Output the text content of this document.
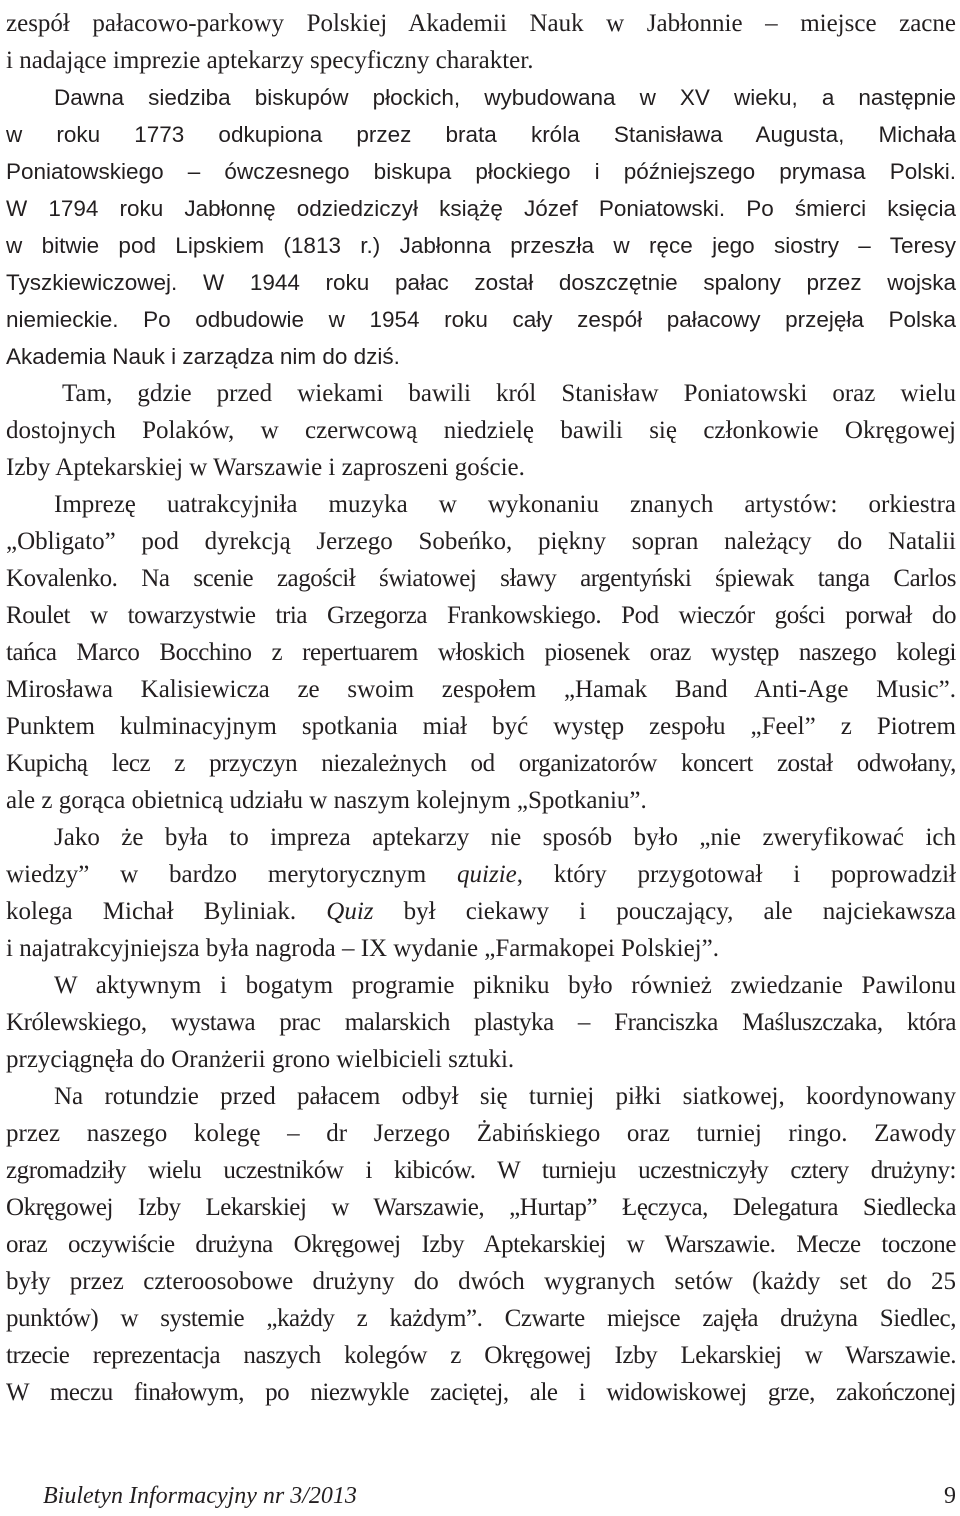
zespół pałacowo-parkowy Polskiej Akademii Nauk w Jabłonnie – miejsce zacne
i nadające imprezie aptekarzy specyficzny charakter.
Dawna siedziba biskupów płockich, wybudowana w XV wieku, a następnie
w roku 1773 odkupiona przez brata króla Stanisława Augusta, Michała
Poniatowskiego – ówczesnego biskupa płockiego i późniejszego prymasa Polski.
W 1794 roku Jabłonnę odziedziczył książę Józef Poniatowski. Po śmierci księcia
w bitwie pod Lipskiem (1813 r.) Jabłonna przeszła w ręce jego siostry – Teresy
Tyszkiewiczowej. W 1944 roku pałac został doszczętnie spalony przez wojska
niemieckie. Po odbudowie w 1954 roku cały zespół pałacowy przejęła Polska
Akademia Nauk i zarządza nim do dziś.
Tam, gdzie przed wiekami bawili król Stanisław Poniatowski oraz wielu
dostojnych Polaków, w czerwcową niedzielę bawili się członkowie Okręgowej
Izby Aptekarskiej w Warszawie i zaproszeni goście.
Imprezę uatrakcyjniła muzyka w wykonaniu znanych artystów: orkiestra
„Obligato” pod dyrekcją Jerzego Sobeńko, piękny sopran należący do Natalii
Kovalenko. Na scenie zagościł światowej sławy argentyński śpiewak tanga Carlos
Roulet w towarzystwie tria Grzegorza Frankowskiego. Pod wieczór gości porwał do
tańca Marco Bocchino z repertuarem włoskich piosenek oraz występ naszego kolegi
Mirosława Kalisiewicza ze swoim zespołem „Hamak Band Anti-Age Music”.
Punktem kulminacyjnym spotkania miał być występ zespołu „Feel” z Piotrem
Kupichą lecz z przyczyn niezależnych od organizatorów koncert został odwołany,
ale z gorąca obietnicą udziału w naszym kolejnym „Spotkaniu”.
Jako że była to impreza aptekarzy nie sposób było „nie zweryfikować ich
wiedzy” w bardzo merytorycznym quizie, który przygotował i poprowadził
kolega Michał Byliniak. Quiz był ciekawy i pouczający, ale najciekawsza
i najatrakcyjniejsza była nagroda – IX wydanie „Farmakopei Polskiej”.
W aktywnym i bogatym programie pikniku było również zwiedzanie Pawilonu
Królewskiego, wystawa prac malarskich plastyka – Franciszka Maśluszczaka, która
przyciągnęła do Oranżerii grono wielbicieli sztuki.
Na rotundzie przed pałacem odbył się turniej piłki siatkowej, koordynowany
przez naszego kolegę – dr Jerzego Żabińskiego oraz turniej ringo. Zawody
zgromadziły wielu uczestników i kibiców. W turnieju uczestniczyły cztery drużyny:
Okręgowej Izby Lekarskiej w Warszawie, „Hurtap” Łęczyca, Delegatura Siedlecka
oraz oczywiście drużyna Okręgowej Izby Aptekarskiej w Warszawie. Mecze toczone
były przez czteroosobowe drużyny do dwóch wygranych setów (każdy set do 25
punktów) w systemie „każdy z każdym”. Czwarte miejsce zajęła drużyna Siedlec,
trzecie reprezentacja naszych kolegów z Okręgowej Izby Lekarskiej w Warszawie.
W meczu finałowym, po niezwykle zaciętej, ale i widowiskowej grze, zakończonej
Biuletyn Informacyjny nr 3/2013	9
